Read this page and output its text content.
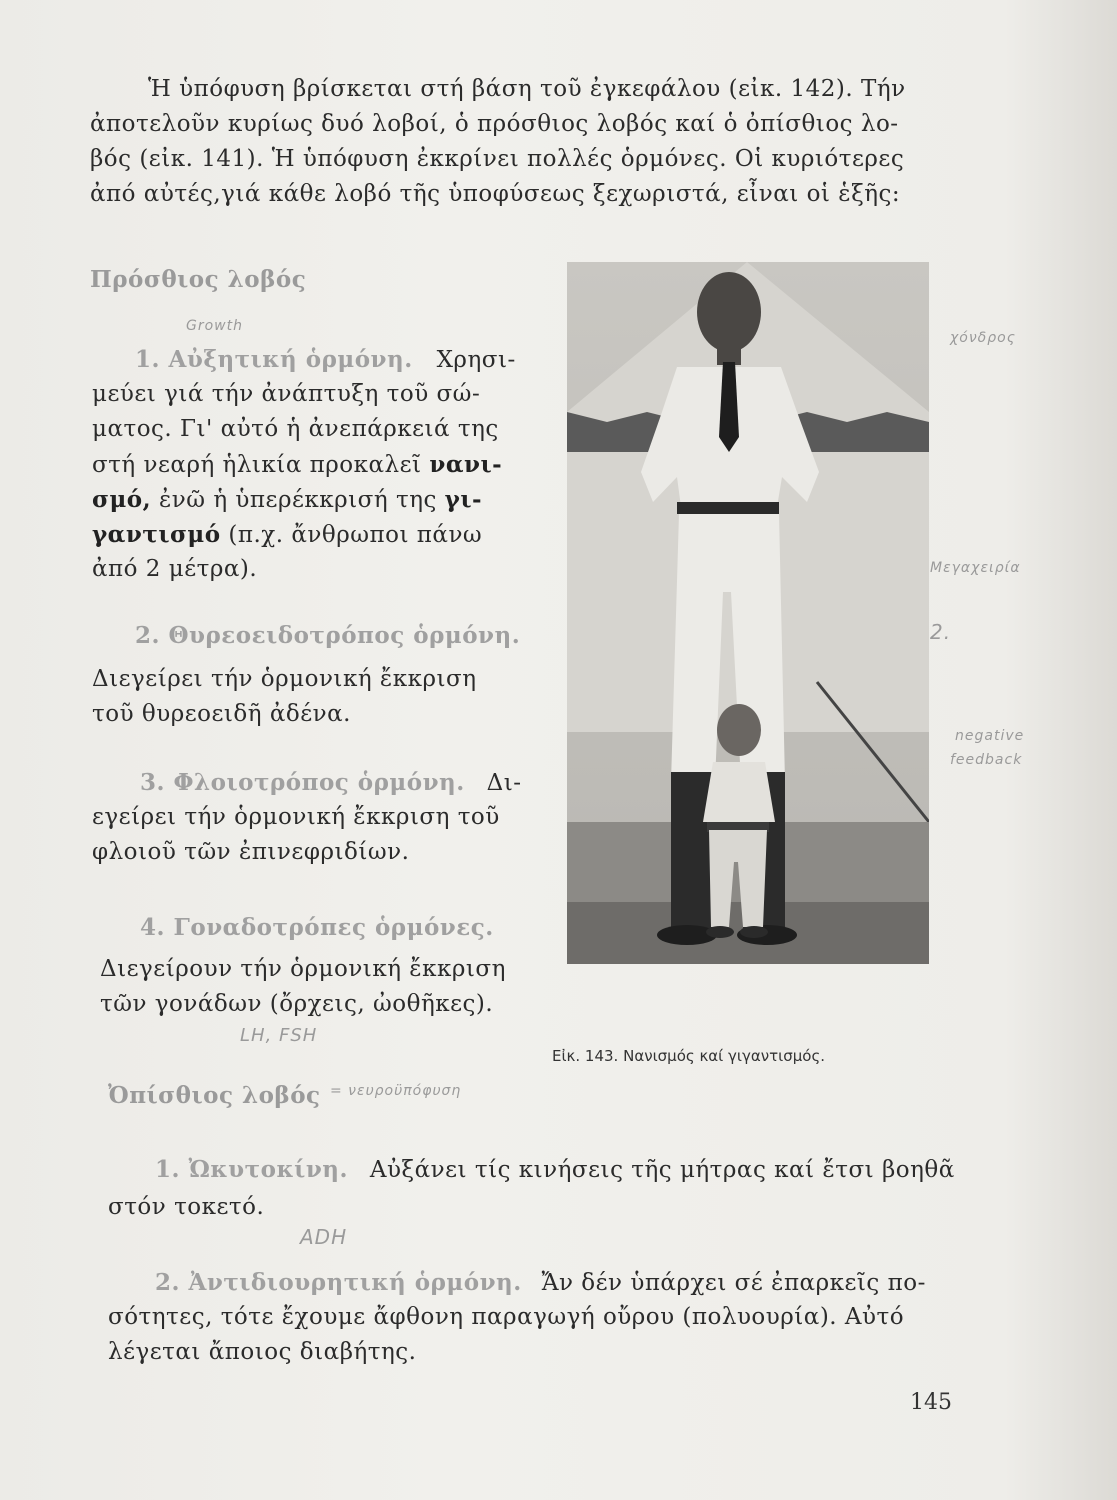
Ἡ ὑπόφυση βρίσκεται στή βάση τοῦ ἐγκεφάλου (εἰκ. 142). Τήν
ἀποτελοῦν κυρίως δυό λοβοί, ὁ πρόσθιος λοβός καί ὁ ὀπίσθιος λο-
βός (εἰκ. 141). Ἡ ὑπόφυση ἐκκρίνει πολλές ὁρμόνες. Οἱ κυριότερες
ἀπό αὐτές,γιά κάθε λοβό τῆς ὑποφύσεως ξεχωριστά, εἶναι οἱ ἑξῆς:
Πρόσθιος λοβός
1. Αὐξητική ὁρμόνη. Χρησι-
μεύει γιά τήν ἀνάπτυξη τοῦ σώ-
ματος. Γι' αὐτό ἡ ἀνεπάρκειά της
στή νεαρή ἡλικία προκαλεῖ νανι-
σμό, ἐνῶ ἡ ὑπερέκκρισή της γι-
γαντισμό (π.χ. ἄνθρωποι πάνω
ἀπό 2 μέτρα).
2. Θυρεοειδοτρόπος ὁρμόνη.
Διεγείρει τήν ὁρμονική ἔκκριση
τοῦ θυρεοειδῆ ἀδένα.
3. Φλοιοτρόπος ὁρμόνη. Δι-
εγείρει τήν ὁρμονική ἔκκριση τοῦ
φλοιοῦ τῶν ἐπινεφριδίων.
4. Γοναδοτρόπες ὁρμόνες.
Διεγείρουν τήν ὁρμονική ἔκκριση
τῶν γονάδων (ὄρχεις, ὠοθῆκες).
Εἰκ. 143. Νανισμός καί γιγαντισμός.
Ὀπίσθιος λοβός
1. Ὠκυτοκίνη. Αὐξάνει τίς κινήσεις τῆς μήτρας καί ἔτσι βοηθᾶ
στόν τοκετό.
2. Ἀντιδιουρητική ὁρμόνη. Ἄν δέν ὑπάρχει σέ ἐπαρκεῖς πο-
σότητες, τότε ἔχουμε ἄφθονη παραγωγή οὔρου (πολυουρία). Αὐτό
λέγεται ἄποιος διαβήτης.
145
Growth
χόνδρος
Μεγαχειρία
2.
negative
feedback
LH, FSH
ADH
= νευροϋπόφυση
